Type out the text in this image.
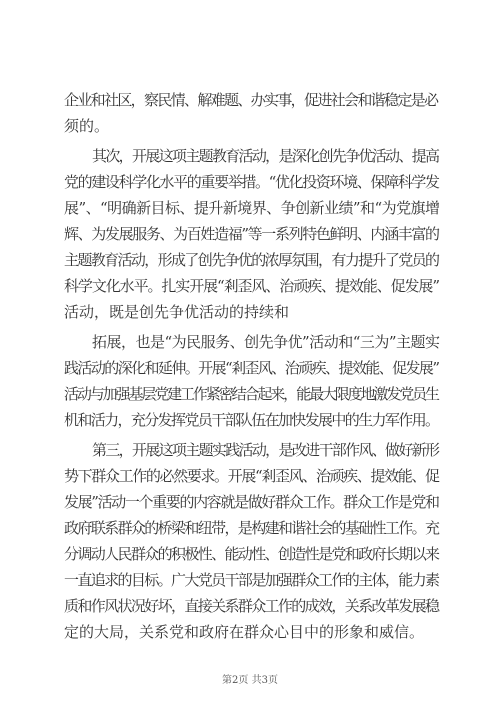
企
业
和
社
区
，
察
民
情
、
解
难
题
、
办
实
事
，
促
进
社
会
和
谐
稳
定
是
必
须的。
其
次
，
开
展
这
项
主
题
教
育
活
动
，
是
深
化
创
先
争
优
活
动
、
提
高
党
的
建
设
科
学
化
水
平
的
重
要
举
措
。
“
优
化
投
资
环
境
、
保
障
科
学
发
展 ” 、 “ 明 确 新 目 标 、 提 升 新 境 界 、 争 创 新 业 绩 ” 和 “ 为 党 旗 增
辉
、
为
发
展
服
务
、
为
百
姓
造
福
”
等
一
系
列
特
色
鲜
明
、
内
涵
丰
富
的
主
题
教
育
活
动
，
形
成
了
创
先
争
优
的
浓
厚
氛
围
，
有
力
提
升
了
党
员
的
科
学
文
化
水
平
。
扎
实
开
展
“
剎
歪
风
、
治
顽
疾
、
提
效
能
、
促
发
展
”
活动，既是创先争优活动的持续和
拓 展 ， 也 是 “ 为 民 服 务 、 创 先 争 优 ” 活 动 和 “ 三 为 ” 主 题 实
践
活
动
的
深
化
和
延
伸
。
开
展
“
剎
歪
风
、
治
顽
疾
、
提
效
能
、
促
发
展
”
活
动
与
加
强
基
层
党
建
工
作
紧
密
结
合
起
来
，
能
最
大
限
度
地
激
发
党
员
生
机
和
活
力
，
充
分
发
挥
党
员
干
部
队
伍
在
加
快
发
展
中
的
生
力
军
作
用
。
第
三
，
开
展
这
项
主
题
实
践
活
动
，
是
改
进
干
部
作
风
、
做
好
新
形
势
下
群
众
工
作
的
必
然
要
求
。
开
展
“
剎
歪
风
、
治
顽
疾
、
提
效
能
、
促
发
展
”
活
动
一
个
重
要
的
内
容
就
是
做
好
群
众
工
作
。
群
众
工
作
是
党
和
政
府
联
系
群
众
的
桥
梁
和
纽
带
，
是
构
建
和
谐
社
会
的
基
础
性
工
作
。
充
分
调
动
人
民
群
众
的
积
极
性
、
能
动
性
、
创
造
性
是
党
和
政
府
长
期
以
来
一
直
追
求
的
目
标
。
广
大
党
员
干
部
是
加
强
群
众
工
作
的
主
体
，
能
力
素
质
和
作
风
状
况
好
坏
，
直
接
关
系
群
众
工
作
的
成
效
，
关
系
改
革
发
展
稳
定的大局，关系党和政府在群众心目中的形象和威信。
第2页 共3页
